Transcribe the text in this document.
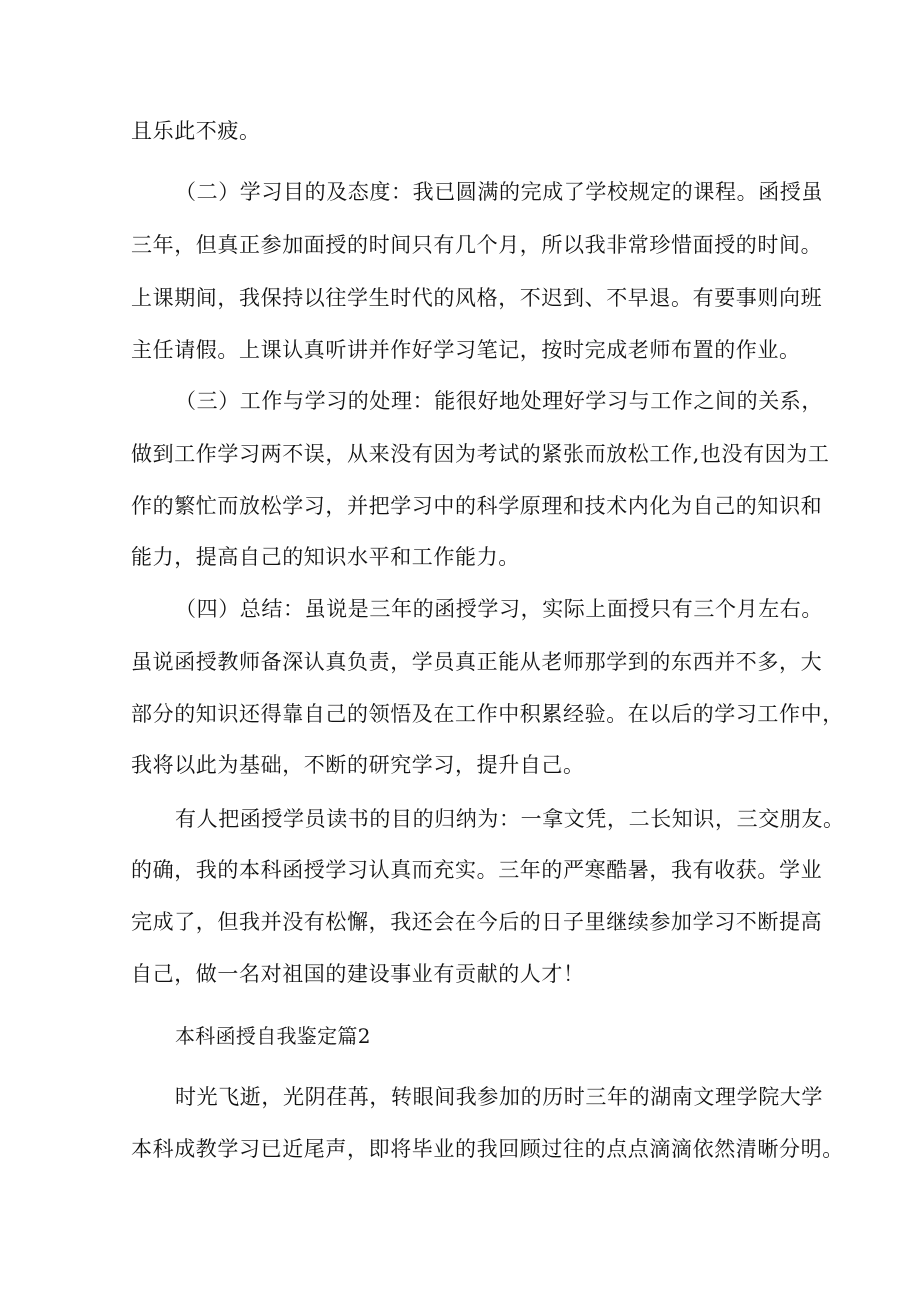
且乐此不疲。
（二）学习目的及态度：我已圆满的完成了学校规定的课程。函授虽
三年，但真正参加面授的时间只有几个月，所以我非常珍惜面授的时间。
上课期间，我保持以往学生时代的风格，不迟到、不早退。有要事则向班
主任请假。上课认真听讲并作好学习笔记，按时完成老师布置的作业。
（三）工作与学习的处理：能很好地处理好学习与工作之间的关系，
做到工作学习两不误，从来没有因为考试的紧张而放松工作,也没有因为工
作的繁忙而放松学习，并把学习中的科学原理和技术内化为自己的知识和
能力，提高自己的知识水平和工作能力。
（四）总结：虽说是三年的函授学习，实际上面授只有三个月左右。
虽说函授教师备深认真负责，学员真正能从老师那学到的东西并不多，大
部分的知识还得靠自己的领悟及在工作中积累经验。在以后的学习工作中，
我将以此为基础，不断的研究学习，提升自己。
有人把函授学员读书的目的归纳为：一拿文凭，二长知识，三交朋友。
的确，我的本科函授学习认真而充实。三年的严寒酷暑，我有收获。学业
完成了，但我并没有松懈，我还会在今后的日子里继续参加学习不断提高
自己，做一名对祖国的建设事业有贡献的人才！
本科函授自我鉴定篇2
时光飞逝，光阴荏苒，转眼间我参加的历时三年的湖南文理学院大学
本科成教学习已近尾声，即将毕业的我回顾过往的点点滴滴依然清晰分明。
